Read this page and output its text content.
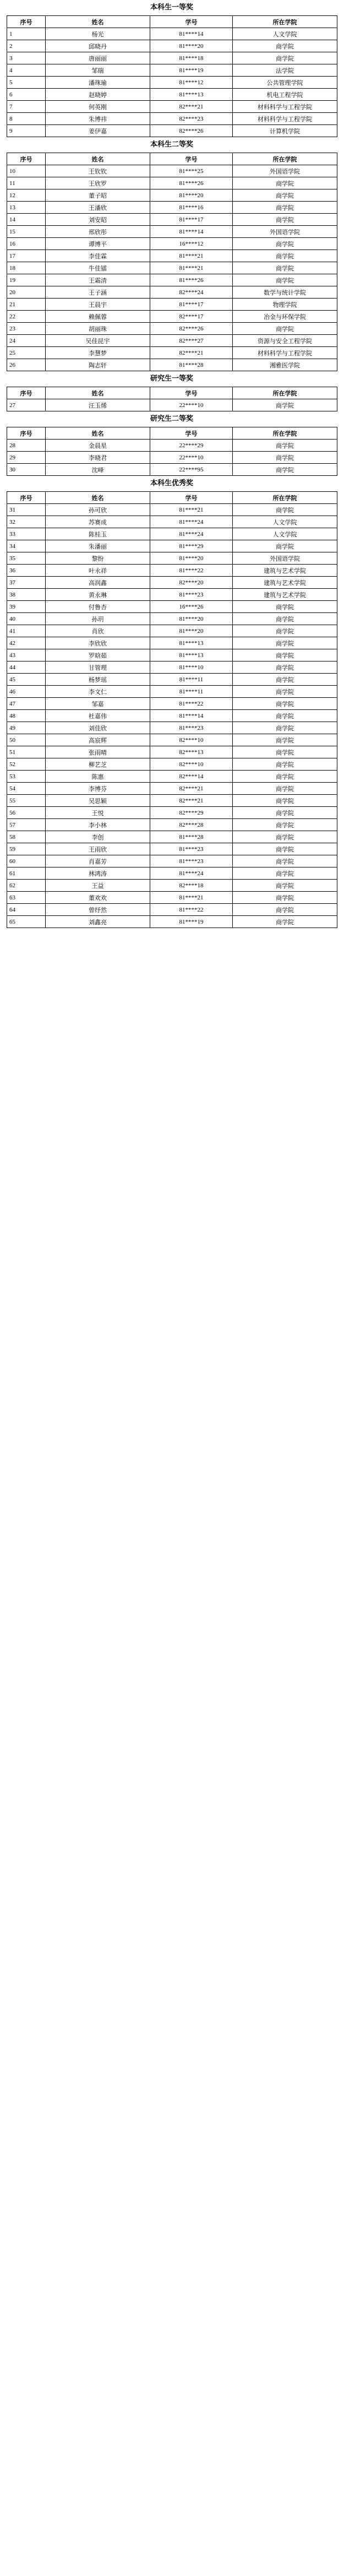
本科生一等奖
序号	姓名	学号	所在学院
1	杨光	81****14	人文学院
2	邱晓丹	81****20	商学院
3	唐丽丽	81****18	商学院
4	邹瑞	81****19	法学院
5	潘珠瑜	81****12	公共管理学院
6	赵晓婷	81****13	机电工程学院
7	何英刚	82****21	材料科学与工程学院
8	朱博祎	82****23	材料科学与工程学院
9	姜伊嘉	82****26	计算机学院
本科生二等奖
序号	姓名	学号	所在学院
10	王钦钦	81****25	外国语学院
11	王欣罗	81****26	商学院
12	董子昭	81****20	商学院
13	王潘欣	81****16	商学院
14	刘安昭	81****17	商学院
15	邢欣彤	81****14	外国语学院
16	谭博平	16****12	商学院
17	李佳霖	81****21	商学院
18	牛佳镭	81****21	商学院
19	王霜清	81****26	商学院
20	王子涵	82****24	数学与统计学院
21	王晨宇	81****17	物理学院
22	赖佩蓉	82****17	冶金与环保学院
23	胡丽珠	82****26	商学院
24	吴佳昆宇	82****27	资源与安全工程学院
25	李慧梦	82****21	材料科学与工程学院
26	陶志轩	81****28	湘雅医学院
研究生一等奖
序号	姓名	学号	所在学院
27	汪玉烯	22****10	商学院
研究生二等奖
序号	姓名	学号	所在学院
28	金晨星	22****29	商学院
29	李晓君	22****10	商学院
30	沈峰	22****95	商学院
本科生优秀奖
序号	姓名	学号	所在学院
31	孙可欣	81****21	商学院
32	苏赛成	81****24	人文学院
33	陈桂玉	81****24	人文学院
34	朱潘丽	81****29	商学院
35	黎纷	81****20	外国语学院
36	叶永祥	81****22	建筑与艺术学院
37	高润鑫	82****20	建筑与艺术学院
38	黄永琳	81****23	建筑与艺术学院
39	付鲁杏	16****26	商学院
40	孙玥	81****20	商学院
41	肖欣	81****20	商学院
42	李欣欣	81****13	商学院
43	罗晗茹	81****13	商学院
44	甘管理	81****10	商学院
45	杨梦瑶	81****11	商学院
46	李文仁	81****11	商学院
47	邹嘉	81****22	商学院
48	杜嘉伟	81****14	商学院
49	刘佳欣	81****23	商学院
50	高宸辉	82****10	商学院
51	张雨晴	82****13	商学院
52	柳艺芝	82****10	商学院
53	陈惠	82****14	商学院
54	李博芬	82****21	商学院
55	吴思颖	82****21	商学院
56	王悦	82****29	商学院
57	李小林	82****28	商学院
58	李创	81****28	商学院
59	王雨欣	81****23	商学院
60	肖嘉芳	81****23	商学院
61	林鸿涛	81****24	商学院
62	王益	82****18	商学院
63	董欢欢	81****21	商学院
64	曾纾然	81****22	商学院
65	刘鑫亮	81****19	商学院
